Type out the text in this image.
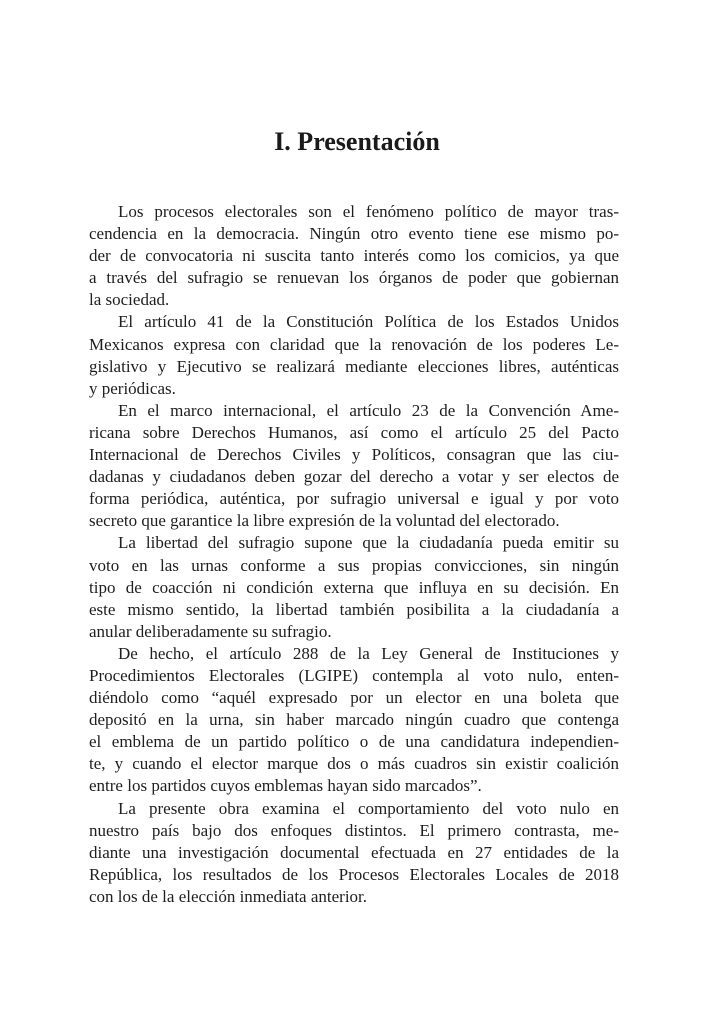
I. Presentación
Los procesos electorales son el fenómeno político de mayor tras-
cendencia en la democracia. Ningún otro evento tiene ese mismo po-
der de convocatoria ni suscita tanto interés como los comicios, ya que
a través del sufragio se renuevan los órganos de poder que gobiernan
la sociedad.
El artículo 41 de la Constitución Política de los Estados Unidos
Mexicanos expresa con claridad que la renovación de los poderes Le-
gislativo y Ejecutivo se realizará mediante elecciones libres, auténticas
y periódicas.
En el marco internacional, el artículo 23 de la Convención Ame-
ricana sobre Derechos Humanos, así como el artículo 25 del Pacto
Internacional de Derechos Civiles y Políticos, consagran que las ciu-
dadanas y ciudadanos deben gozar del derecho a votar y ser electos de
forma periódica, auténtica, por sufragio universal e igual y por voto
secreto que garantice la libre expresión de la voluntad del electorado.
La libertad del sufragio supone que la ciudadanía pueda emitir su
voto en las urnas conforme a sus propias convicciones, sin ningún
tipo de coacción ni condición externa que influya en su decisión. En
este mismo sentido, la libertad también posibilita a la ciudadanía a
anular deliberadamente su sufragio.
De hecho, el artículo 288 de la Ley General de Instituciones y
Procedimientos Electorales (LGIPE) contempla al voto nulo, enten-
diéndolo como “aquél expresado por un elector en una boleta que
depositó en la urna, sin haber marcado ningún cuadro que contenga
el emblema de un partido político o de una candidatura independien-
te, y cuando el elector marque dos o más cuadros sin existir coalición
entre los partidos cuyos emblemas hayan sido marcados”.
La presente obra examina el comportamiento del voto nulo en
nuestro país bajo dos enfoques distintos. El primero contrasta, me-
diante una investigación documental efectuada en 27 entidades de la
República, los resultados de los Procesos Electorales Locales de 2018
con los de la elección inmediata anterior.
